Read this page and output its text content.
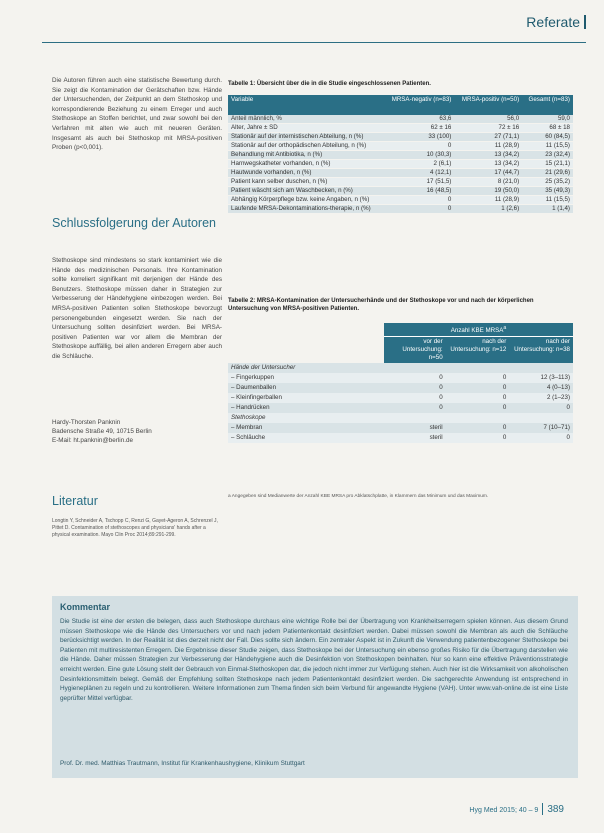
Referate

Die Autoren führen auch eine statistische Bewertung durch. Sie zeigt die Kontamination der Gerätschaften bzw. Hände der Untersuchenden, der Zeitpunkt an dem Stethoskop und korrespondierende Beziehung zu einem Erreger und auch Stethoskope an Stoffen berichtet, und zwar sowohl bei den Verfahren mit alten wie auch mit neueren Geräten. Insgesamt als auch bei Stethoskop mit MRSA-positiven Proben (p<0,001).

Schlussfolgerung der Autoren

Stethoskope sind mindestens so stark kontaminiert wie die Hände des medizinischen Personals. Ihre Kontamination sollte korreliert signifikant mit derjenigen der Hände des Benutzers. Stethoskope müssen daher in Strategien zur Verbesserung der Händehygiene einbezogen werden. Bei MRSA-positiven Patienten sollen Stethoskope bevorzugt personengebunden eingesetzt werden. Sie nach der Untersuchung sollten desinfiziert werden. Bei MRSA-positiven Patienten war vor allem die Membran der Stethoskope auffällig, bei allen anderen Erregern aber auch die Schläuche.

Hardy-Thorsten Panknin
Badensche Straße 49, 10715 Berlin
E-Mail: ht.panknin@berlin.de
Literatur
Longtin Y, Schneider A, Tschopp C, Renzi G, Gayet-Ageron A, Schrenzel J, Pittet D. Contamination of stethoscopes and physicians' hands after a physical examination. Mayo Clin Proc 2014;89:291-299.
Tabelle 1: Übersicht über die in die Studie eingeschlossenen Patienten.
Variable	MRSA-negativ (n=83)	MRSA-positiv (n=50)	Gesamt (n=83)
Anteil männlich, %	63,6	56,0	59,0
Alter, Jahre ± SD	62 ± 16	72 ± 16	68 ± 18
Stationär auf der internistischen Abteilung, n (%)	33 (100)	27 (71,1)	60 (84,5)
Stationär auf der orthopädischen Abteilung, n (%)	0	11 (28,9)	11 (15,5)
Behandlung mit Antibiotika, n (%)	10 (30,3)	13 (34,2)	23 (32,4)
Harnwegskatheter vorhanden, n (%)	2 (6,1)	13 (34,2)	15 (21,1)
Hautwunde vorhanden, n (%)	4 (12,1)	17 (44,7)	21 (29,6)
Patient kann selber duschen, n (%)	17 (51,5)	8 (21,0)	25 (35,2)
Patient wäscht sich am Waschbecken, n (%)	16 (48,5)	19 (50,0)	35 (49,3)
Abhängig Körperpflege bzw. keine Angaben, n (%)	0	11 (28,9)	11 (15,5)
Laufende MRSA-Dekontaminations-therapie, n (%)	0	1 (2,6)	1 (1,4)
Tabelle 2: MRSA-Kontamination der Untersucherhände und der Stethoskope vor und nach der körperlichen Untersuchung von MRSA-positiven Patienten.
	Anzahl KBE MRSA$^a$
	vor der Untersuchung: n=50	nach der Untersuchung: n=12	nach der Untersuchung: n=38
Hände der Untersucher			
– Fingerkuppen	0	0	12 (3–113)
– Daumenballen	0	0	4 (0–13)
– Kleinfingerballen	0	0	2 (1–23)
– Handrücken	0	0	0
Stethoskope			
– Membran	steril	0	7 (10–71)
– Schläuche	steril	0	0
a Angegeben sind Medianwerte der Anzahl KBE MRSA pro Abklatschplatte, in Klammern das Minimum und das Maximum.
Kommentar
Die Studie ist eine der ersten die belegen, dass auch Stethoskope durchaus eine wichtige Rolle bei der Übertragung von Krankheitserregern spielen können. Aus diesem Grund müssen Stethoskope wie die Hände des Untersuchers vor und nach jedem Patientenkontakt desinfiziert werden. Dabei müssen sowohl die Membran als auch die Schläuche berücksichtigt werden. In der Realität ist dies derzeit nicht der Fall. Dies sollte sich ändern. Ein zentraler Aspekt ist in Zukunft die Verwendung patientenbezogener Stethoskope bei Patienten mit multiresistenten Erregern. Die Ergebnisse dieser Studie zeigen, dass Stethoskope bei der Untersuchung ein ebenso großes Risiko für die Übertragung darstellen wie die Hände. Daher müssen Strategien zur Verbesserung der Händehygiene auch die Desinfektion von Stethoskopen beinhalten. Nur so kann eine effektive Präventionsstrategie erreicht werden. Eine gute Lösung stellt der Gebrauch von Einmal-Stethoskopen dar, die jedoch nicht immer zur Verfügung stehen. Auch hier ist die Wirksamkeit von alkoholischen Desinfektionsmitteln belegt. Gemäß der Empfehlung sollten Stethoskope nach jedem Patientenkontakt desinfiziert werden. Die sachgerechte Anwendung ist entsprechend in Hygieneplänen zu regeln und zu kontrollieren. Weitere Informationen zum Thema finden sich beim Verbund für angewandte Hygiene (VAH). Unter www.vah-online.de ist eine Liste geprüfter Mittel verfügbar.
Prof. Dr. med. Matthias Trautmann, Institut für Krankenhaushygiene, Klinikum Stuttgart
Hyg Med 2015; 40 – 9 389
